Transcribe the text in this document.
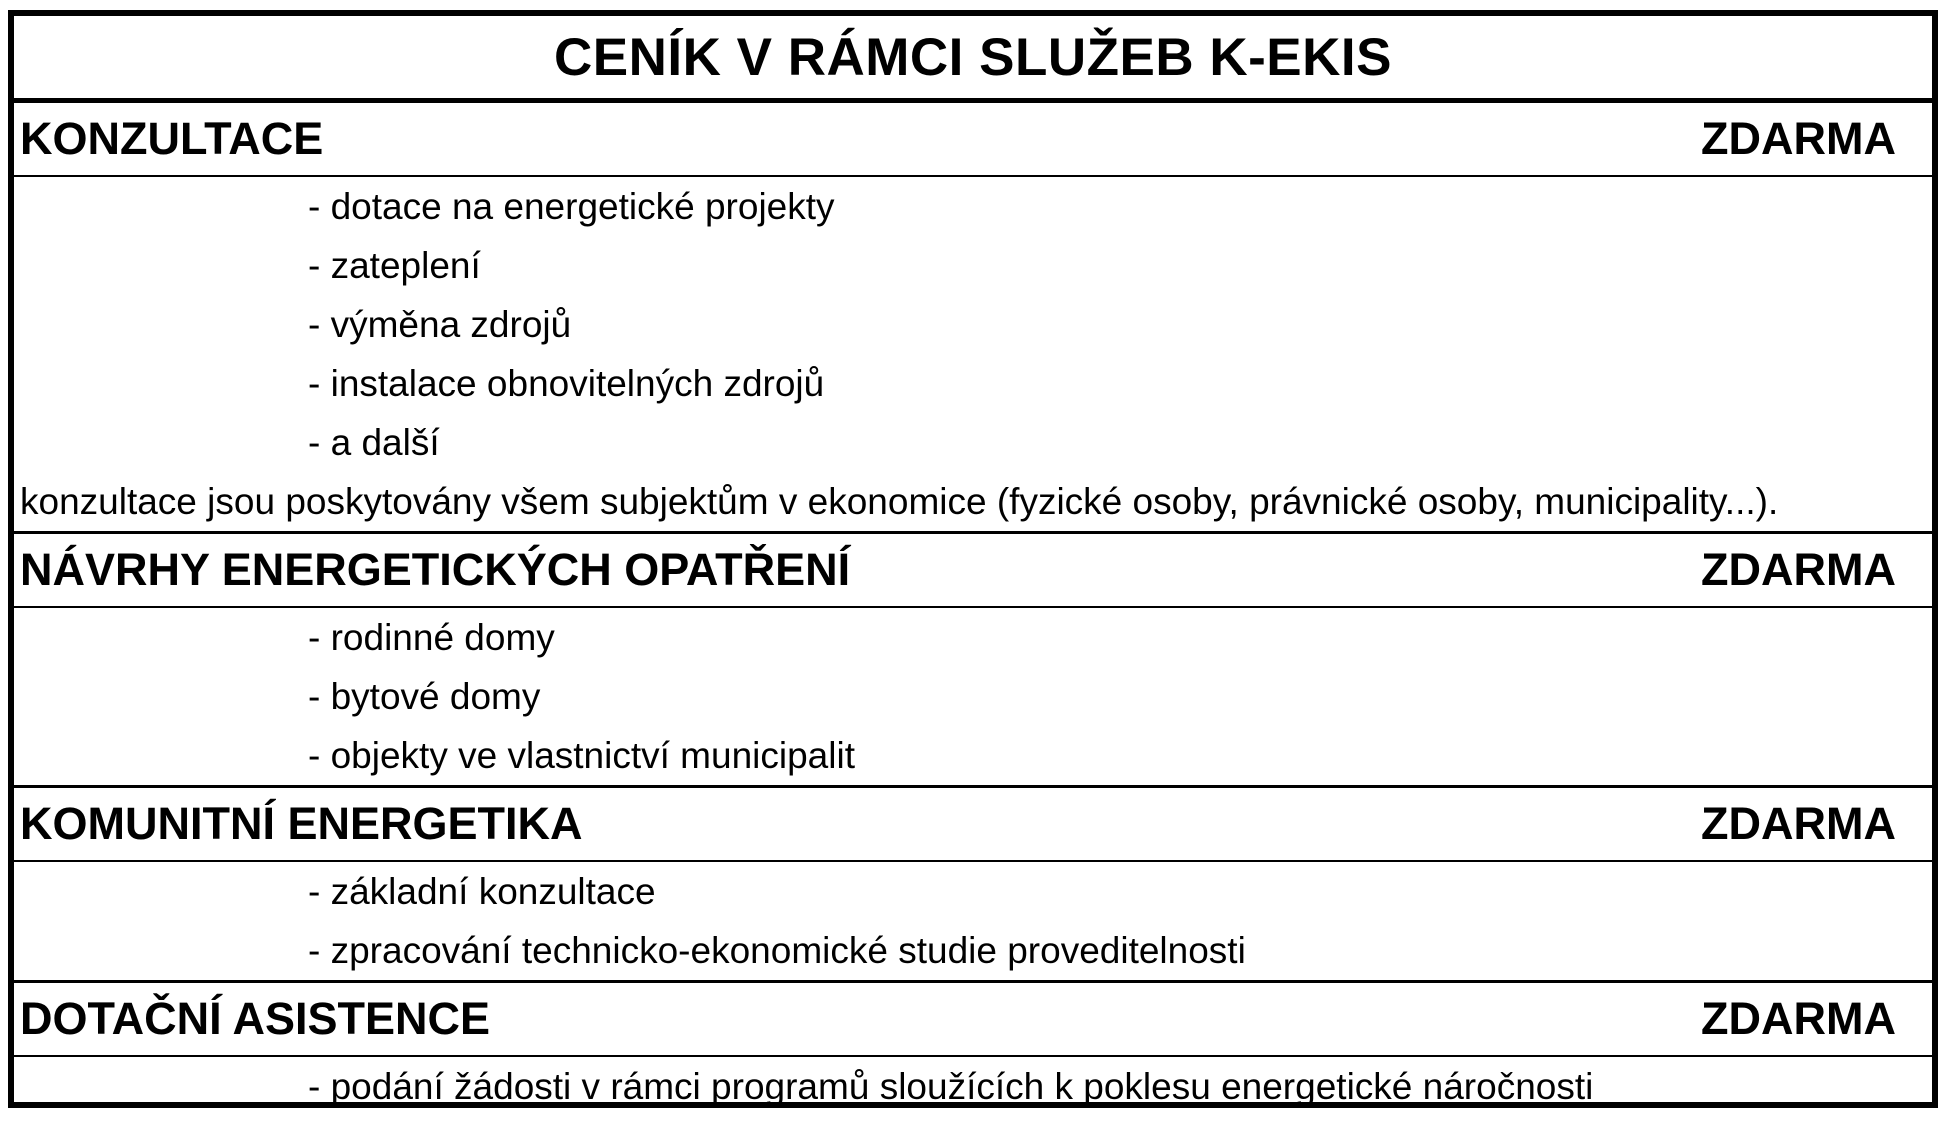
CENÍK V RÁMCI SLUŽEB K-EKIS
KONZULTACE	ZDARMA
- dotace na energetické projekty
- zateplení
- výměna zdrojů
- instalace obnovitelných zdrojů
- a další
konzultace jsou poskytovány všem subjektům v ekonomice (fyzické osoby, právnické osoby, municipality...).
NÁVRHY ENERGETICKÝCH OPATŘENÍ	ZDARMA
- rodinné domy
- bytové domy
- objekty ve vlastnictví municipalit
KOMUNITNÍ ENERGETIKA	ZDARMA
- základní konzultace
- zpracování technicko-ekonomické studie proveditelnosti
DOTAČNÍ ASISTENCE	ZDARMA
- podání žádosti v rámci programů sloužících k poklesu energetické náročnosti
